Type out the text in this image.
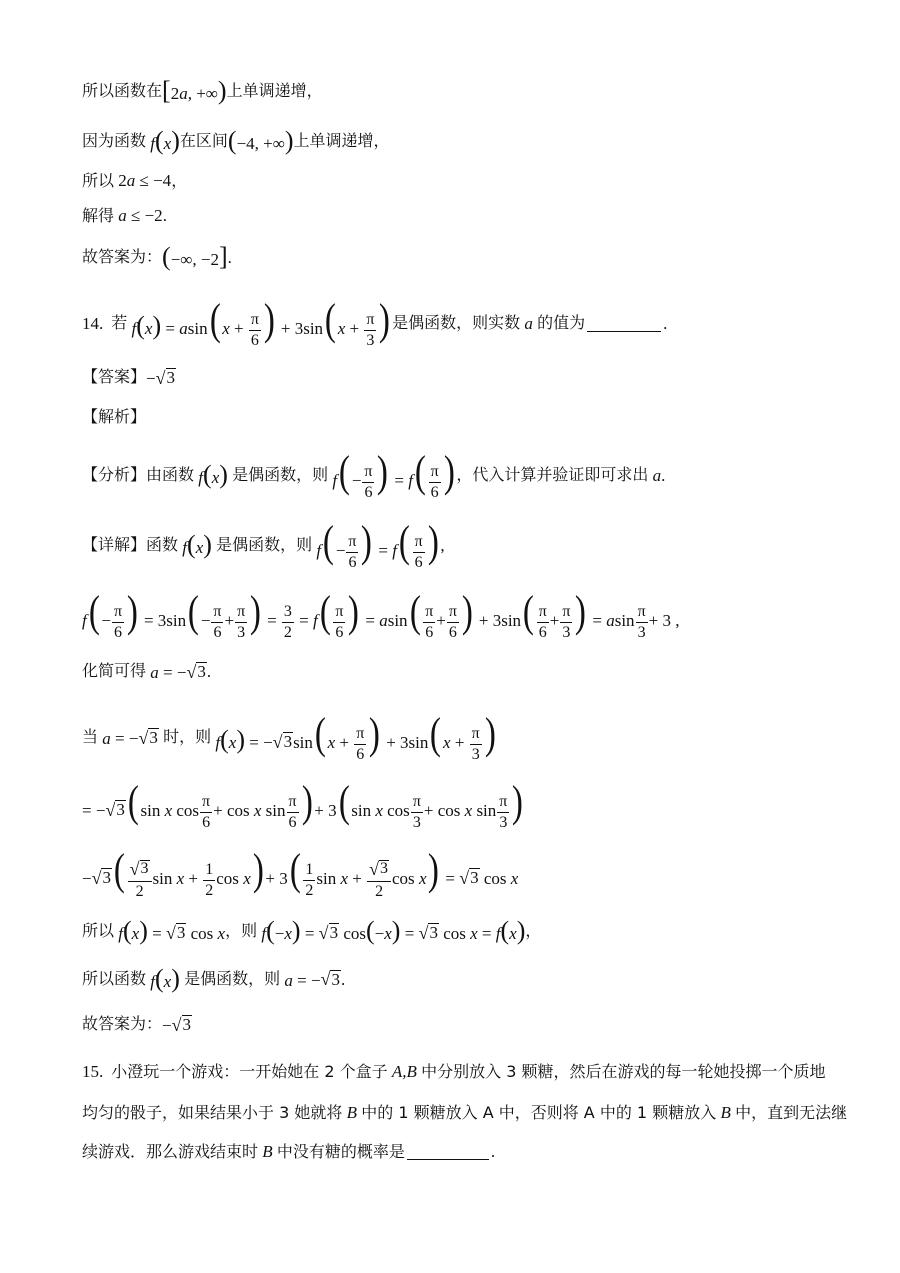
所以函数在 [2a, +∞) 上单调递增，
因为函数 f(x) 在区间 (−4, +∞) 上单调递增，
所以 2a ≤ −4 ，
解得 a ≤ −2 .
故答案为： (−∞, −2] .
14. 若 f(x) = asin( $x + \frac{\pi}{6}$ ) + 3sin( $x + \frac{\pi}{3}$ ) 是偶函数，则实数 a 的值为	.
【答案】 − √ 3
【解析】
【分析】 由函数 f(x) 是偶函数，则 $f( - \frac{\pi}{6}$ ) = $f( \frac{\pi}{6}$ ) ，代入计算并验证即可求出 a .
【详解】 函数 f(x) 是偶函数，则 $f( - \frac{\pi}{6}$ ) = $f( \frac{\pi}{6}$ ) ,
$f( - \frac{\pi}{6}$ ) = $3\sin( - \frac{\pi}{6} + \frac{\pi}{3}$ ) = $\frac{3}{2} = f( \frac{\pi}{6}$ ) = $asin( \frac{\pi}{6} + \frac{\pi}{6}$ ) + $3\sin( \frac{\pi}{6} + \frac{\pi}{3}$ ) = asin $\frac{\pi}{3} + 3$ ,
化简可得 a = − √ 3 .
当 a = − √ 3
时，则 f(x) = − √ 3 sin( $x + \frac{\pi}{6}$ ) + 3sin( $x + \frac{\pi}{3}$ )
= − √ 3 ( sin x $\cos \frac{\pi}{6} + \cos x$ $\sin \frac{\pi}{6}$ ) + 3( sin x $\cos \frac{\pi}{3} + \cos x$ $\sin \frac{\pi}{3}$ )
− √ 3 ( $\frac{√ 3}{2}$ $\sin x + \frac{1}{2}$ $\cos x) + 3( \frac{1}{2}$ $\sin x + \frac{√ 3}{2}$ cos x) = √ 3 cos x
所以 f(x) = √ 3 cos x ，则 f(−x) = √ 3 cos(−x) = √ 3 cos x = f(x) ，
所以函数 f(x) 是偶函数，则 a = − √ 3 .
故答案为： − √ 3
15. 小澄玩一个游戏：一开始她在 2 个盒子 A,B 中分别放入 3 颗糖，然后在游戏的每一轮她投掷一个质地
均匀的骰子，如果结果小于 3 她就将 B 中的 1 颗糖放入 A 中，否则将 A 中的 1 颗糖放入 B 中，直到无法继
续游戏．那么游戏结束时 B 中没有糖的概率是	.
